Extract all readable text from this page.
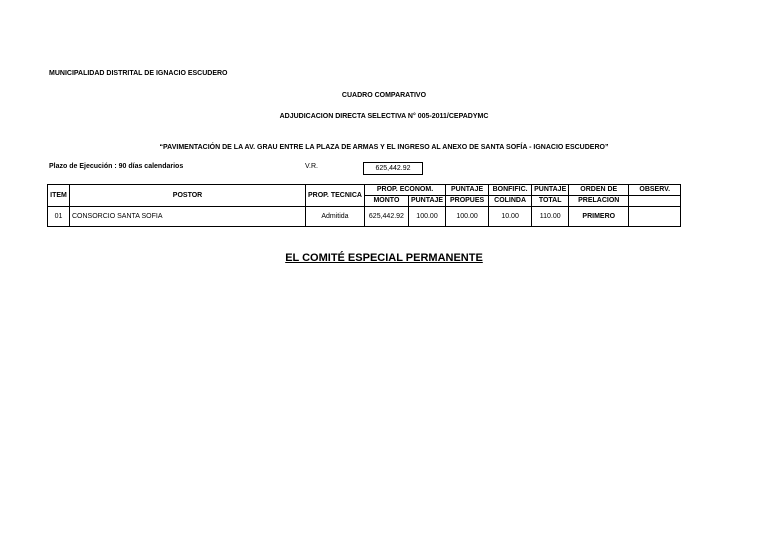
MUNICIPALIDAD DISTRITAL DE IGNACIO ESCUDERO
CUADRO COMPARATIVO
ADJUDICACION DIRECTA SELECTIVA N° 005-2011/CEPADYMC
“PAVIMENTACIÓN DE LA AV. GRAU ENTRE LA PLAZA DE ARMAS Y EL INGRESO AL ANEXO DE SANTA SOFÍA - IGNACIO ESCUDERO”
Plazo de Ejecución : 90 días calendarios	V.R.	625,442.92
ITEM	POSTOR	PROP. TECNICA	PROP. ECONOM.		PUNTAJE	BONFIFIC.	PUNTAJE	ORDEN DE	OBSERV.
			MONTO	PUNTAJE	PROPUES	COLINDA	TOTAL	PRELACION	
01	CONSORCIO SANTA SOFIA	Admitida	625,442.92	100.00	100.00	10.00	110.00	PRIMERO	
EL COMITÉ ESPECIAL PERMANENTE
